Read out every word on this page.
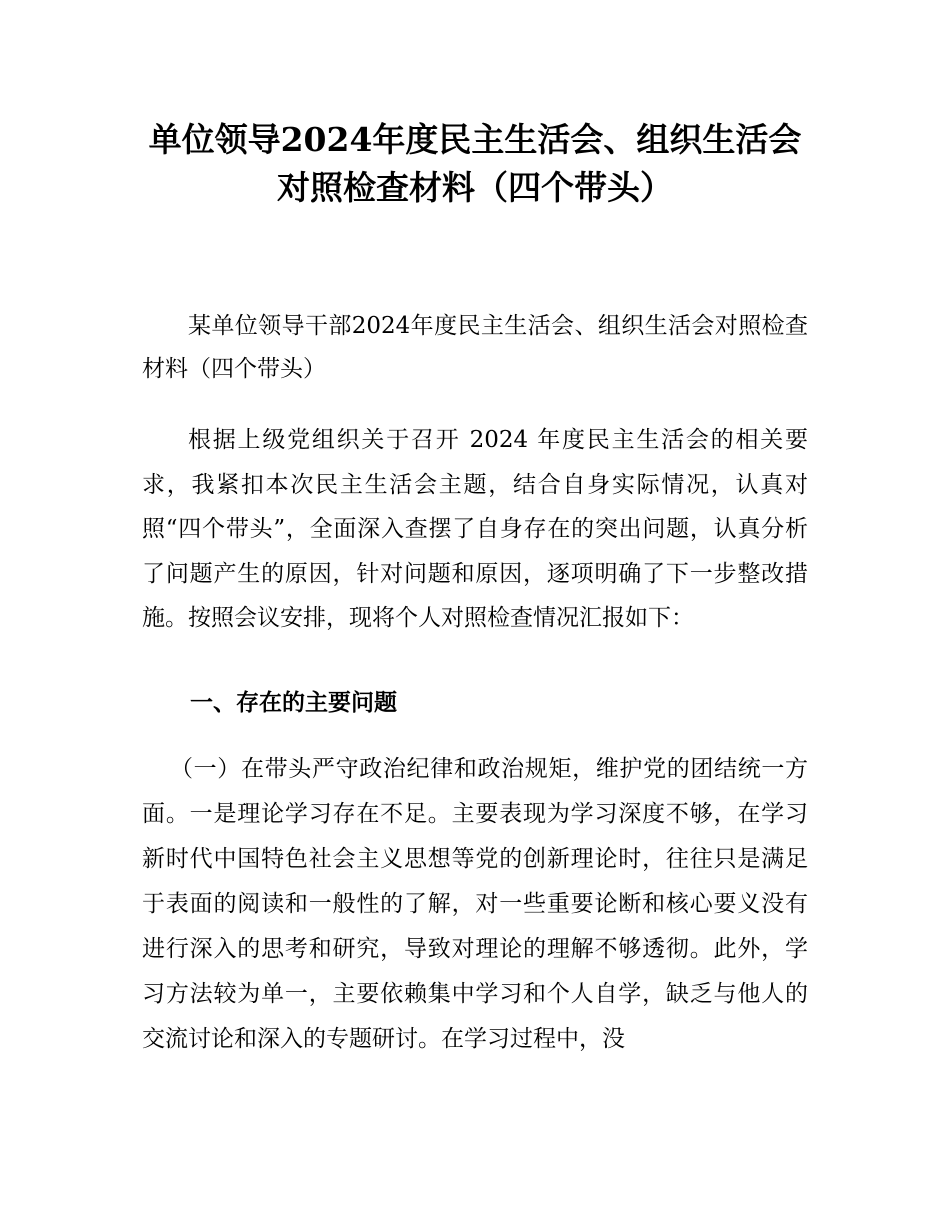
单位领导2024年度民主生活会、组织生活会
对照检查材料（四个带头）

某单位领导干部2024年度民主生活会、组织生活会对照检查材料（四个带头）

根据上级党组织关于召开 2024 年度民主生活会的相关要求，我紧扣本次民主生活会主题，结合自身实际情况，认真对照“四个带头”，全面深入查摆了自身存在的突出问题，认真分析了问题产生的原因，针对问题和原因，逐项明确了下一步整改措施。按照会议安排，现将个人对照检查情况汇报如下：

一、存在的主要问题

（一）在带头严守政治纪律和政治规矩，维护党的团结统一方面。一是理论学习存在不足。主要表现为学习深度不够，在学习新时代中国特色社会主义思想等党的创新理论时，往往只是满足于表面的阅读和一般性的了解，对一些重要论断和核心要义没有进行深入的思考和研究，导致对理论的理解不够透彻。此外，学习方法较为单一，主要依赖集中学习和个人自学，缺乏与他人的交流讨论和深入的专题研讨。在学习过程中，没
